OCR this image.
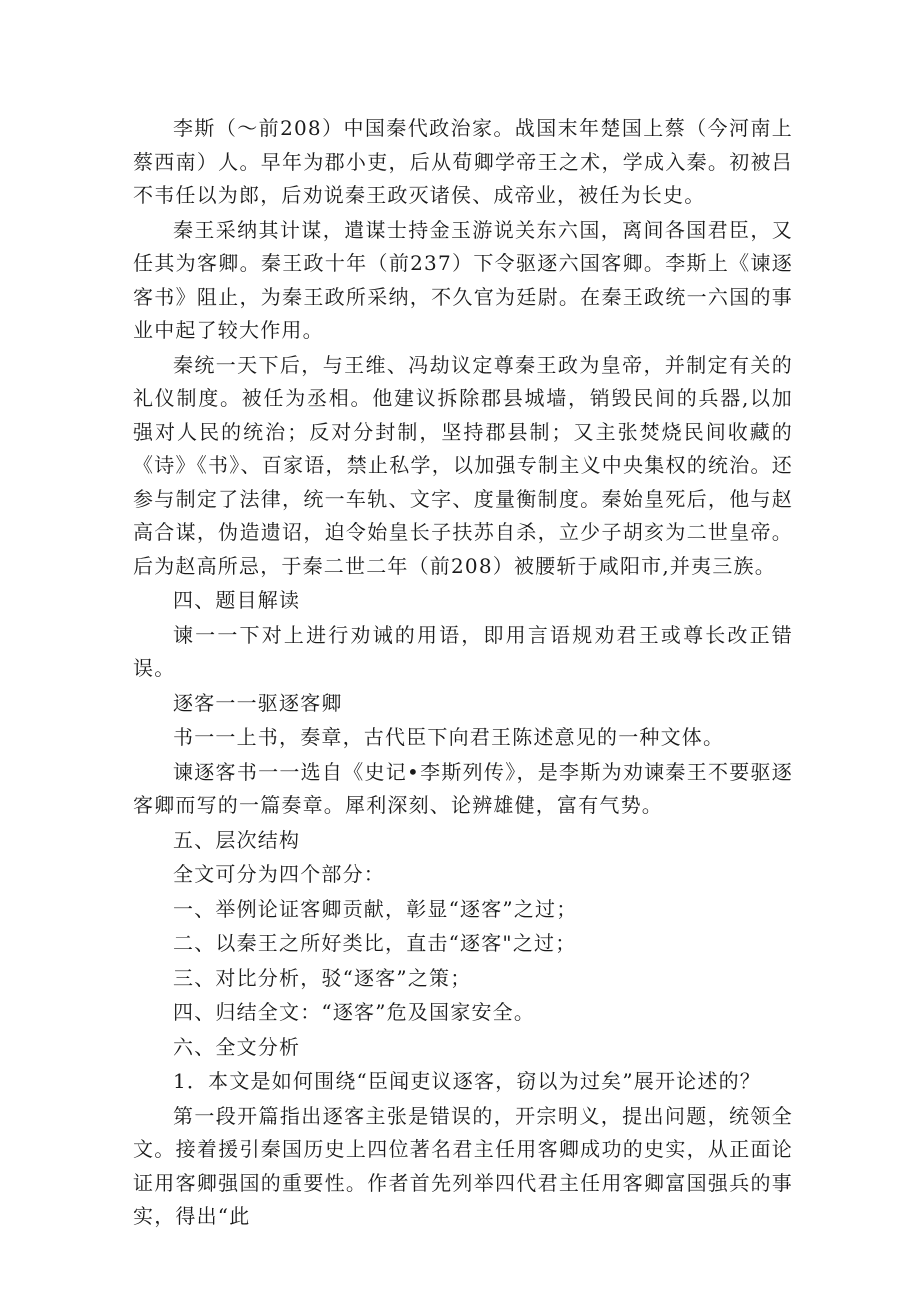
李斯（～前208）中国秦代政治家。战国末年楚国上蔡（今河南上蔡西南）人。早年为郡小吏，后从荀卿学帝王之术，学成入秦。初被吕不韦任以为郎，后劝说秦王政灭诸侯、成帝业，被任为长史。

秦王采纳其计谋，遣谋士持金玉游说关东六国，离间各国君臣，又任其为客卿。秦王政十年（前237）下令驱逐六国客卿。李斯上《谏逐客书》阻止，为秦王政所采纳，不久官为廷尉。在秦王政统一六国的事业中起了较大作用。

秦统一天下后，与王维、冯劫议定尊秦王政为皇帝，并制定有关的礼仪制度。被任为丞相。他建议拆除郡县城墙，销毁民间的兵器,以加强对人民的统治；反对分封制，坚持郡县制；又主张焚烧民间收藏的《诗》《书》、百家语，禁止私学，以加强专制主义中央集权的统治。还参与制定了法律，统一车轨、文字、度量衡制度。秦始皇死后，他与赵高合谋，伪造遗诏，迫令始皇长子扶苏自杀，立少子胡亥为二世皇帝。后为赵高所忌，于秦二世二年（前208）被腰斩于咸阳市,并夷三族。

四、题目解读

谏一一下对上进行劝诫的用语，即用言语规劝君王或尊长改正错误。

逐客一一驱逐客卿

书一一上书，奏章，古代臣下向君王陈述意见的一种文体。

谏逐客书一一选自《史记•李斯列传》，是李斯为劝谏秦王不要驱逐客卿而写的一篇奏章。犀利深刻、论辨雄健，富有气势。

五、层次结构

全文可分为四个部分：

一、举例论证客卿贡献，彰显“逐客”之过；

二、以秦王之所好类比，直击“逐客"之过；

三、对比分析，驳“逐客”之策；

四、归结全文：“逐客”危及国家安全。

六、全文分析

1．本文是如何围绕“臣闻吏议逐客，窃以为过矣”展开论述的？

第一段开篇指出逐客主张是错误的，开宗明义，提出问题，统领全文。接着援引秦国历史上四位著名君主任用客卿成功的史实，从正面论证用客卿强国的重要性。作者首先列举四代君主任用客卿富国强兵的事实，得出“此
